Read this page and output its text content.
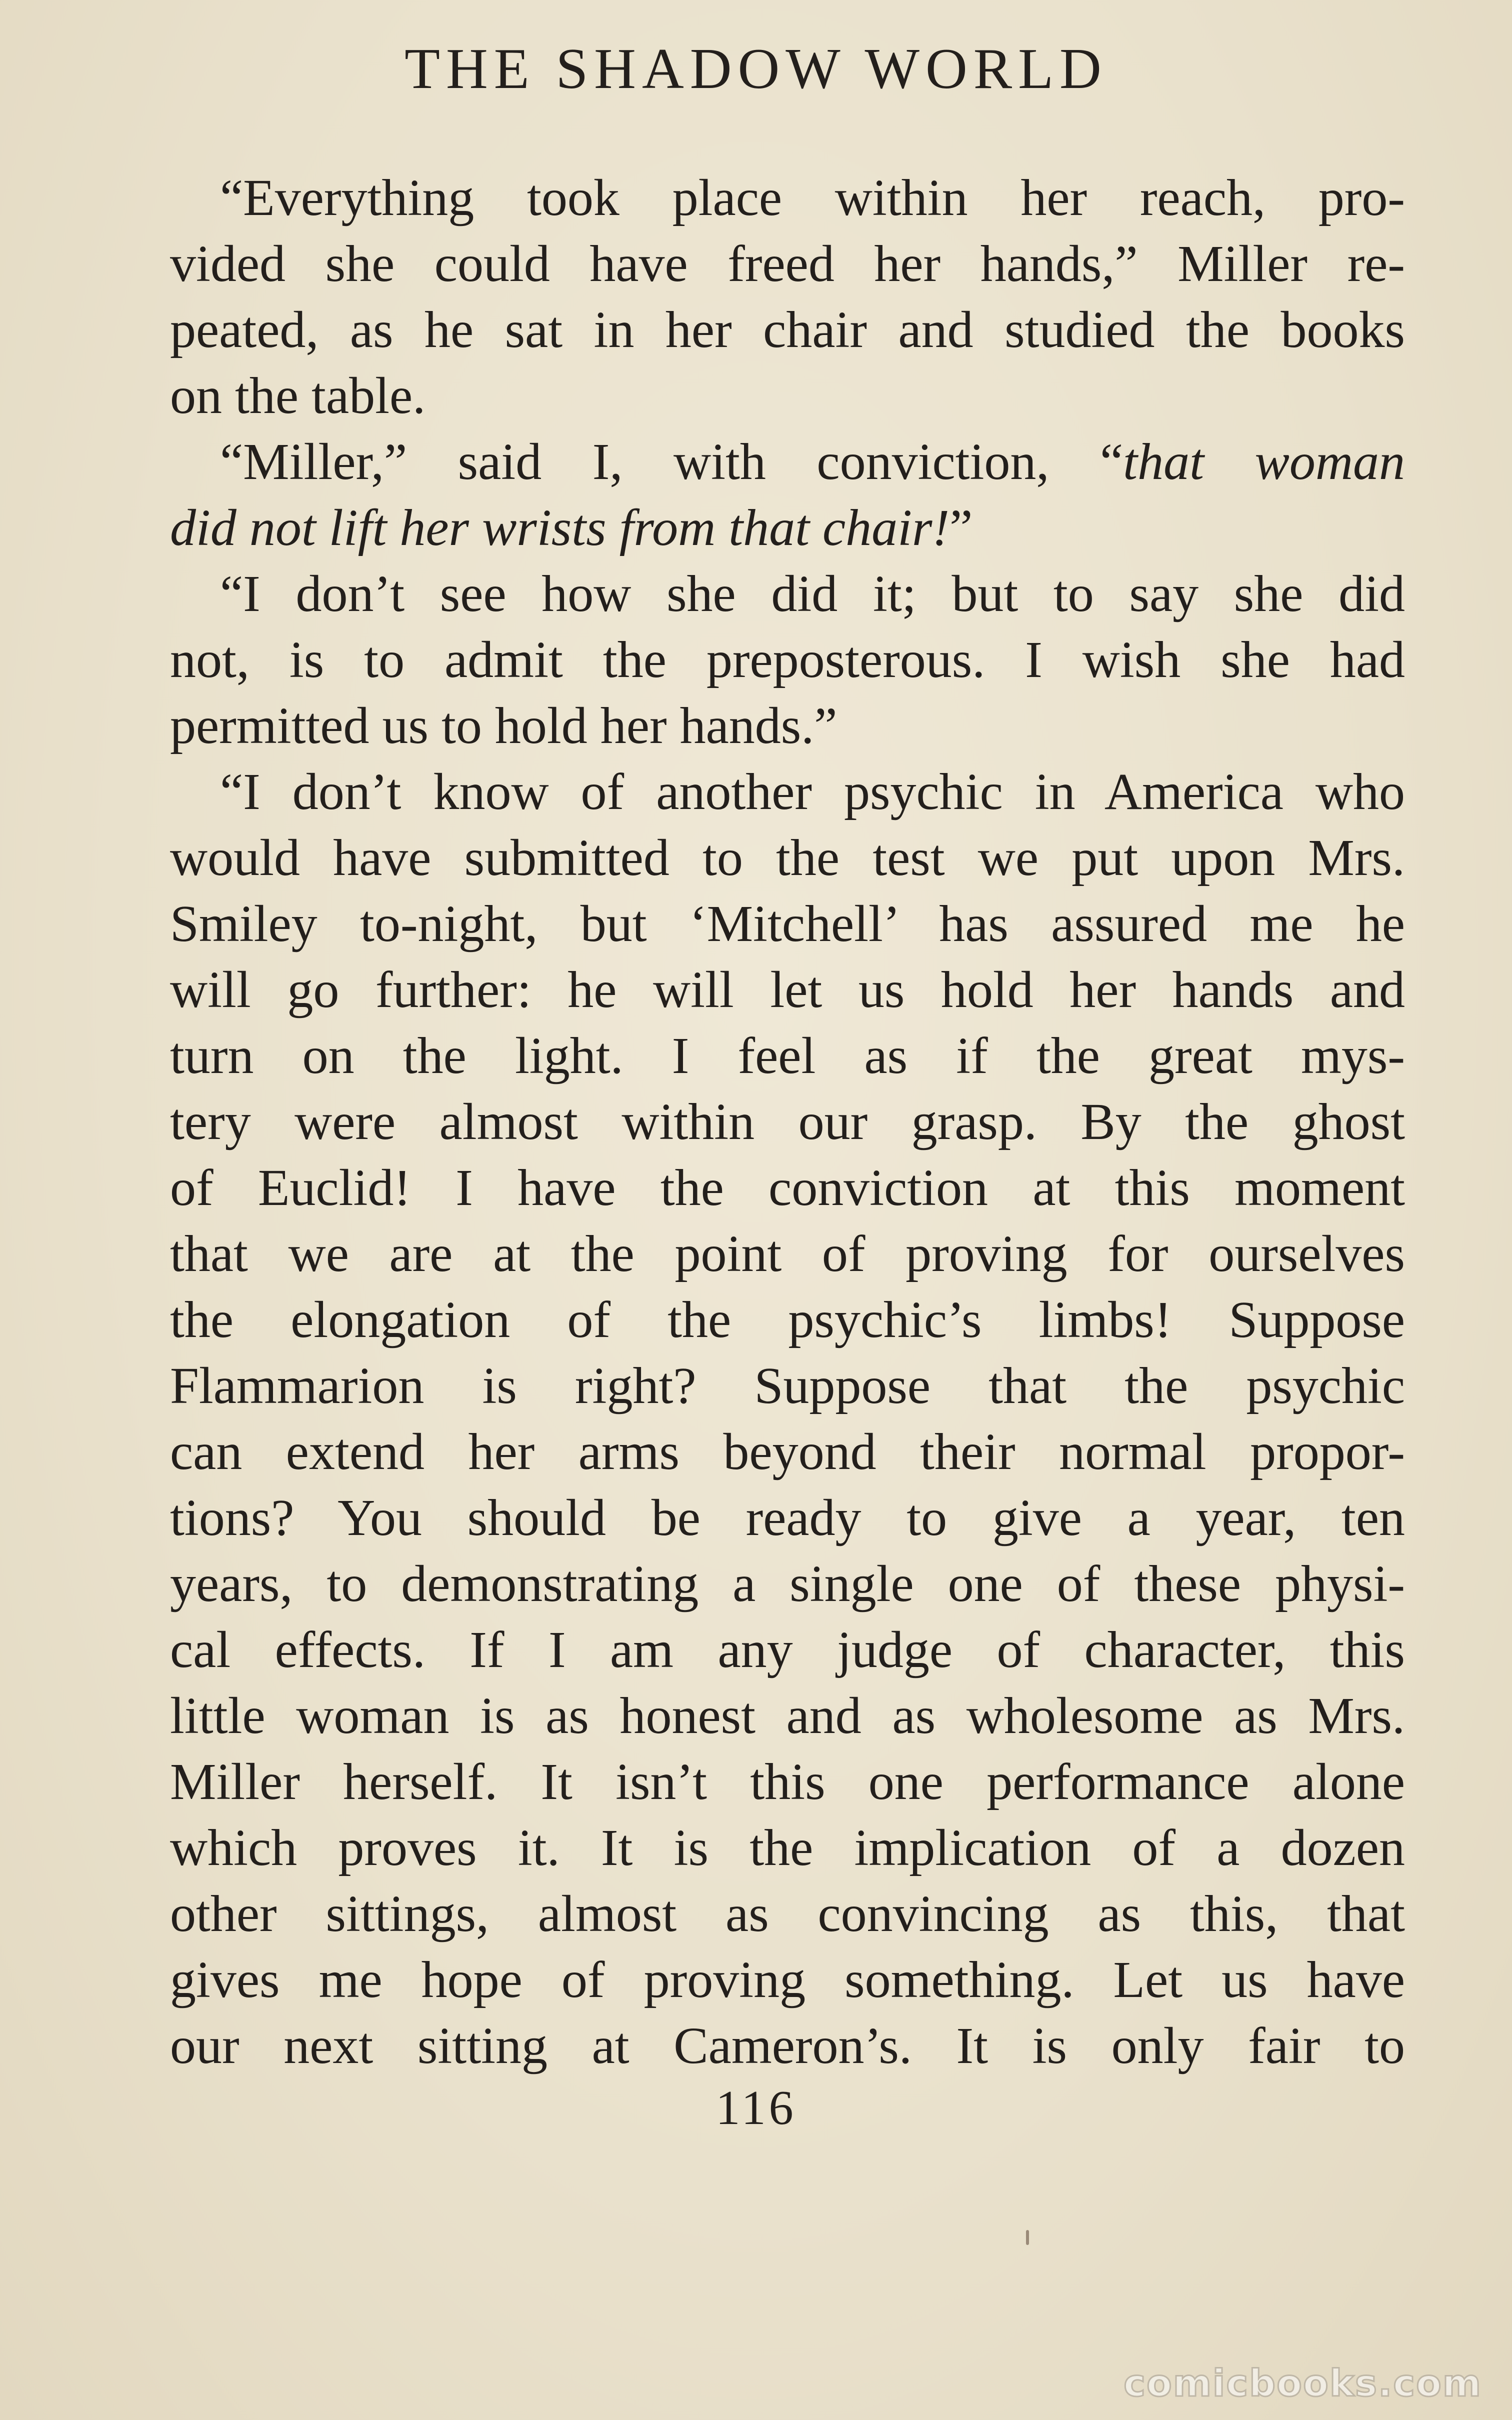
THE SHADOW WORLD
“Everything took place within her reach, pro-
vided she could have freed her hands,” Miller re-
peated, as he sat in her chair and studied the books
on the table.
“Miller,” said I, with conviction, “that woman
did not lift her wrists from that chair!”
“I don’t see how she did it; but to say she did
not, is to admit the preposterous. I wish she had
permitted us to hold her hands.”
“I don’t know of another psychic in America who
would have submitted to the test we put upon Mrs.
Smiley to-night, but ‘Mitchell’ has assured me he
will go further: he will let us hold her hands and
turn on the light. I feel as if the great mys-
tery were almost within our grasp. By the ghost
of Euclid! I have the conviction at this moment
that we are at the point of proving for ourselves
the elongation of the psychic’s limbs! Suppose
Flammarion is right? Suppose that the psychic
can extend her arms beyond their normal propor-
tions? You should be ready to give a year, ten
years, to demonstrating a single one of these physi-
cal effects. If I am any judge of character, this
little woman is as honest and as wholesome as Mrs.
Miller herself. It isn’t this one performance alone
which proves it. It is the implication of a dozen
other sittings, almost as convincing as this, that
gives me hope of proving something. Let us have
our next sitting at Cameron’s. It is only fair to
116
comicbooks.com
